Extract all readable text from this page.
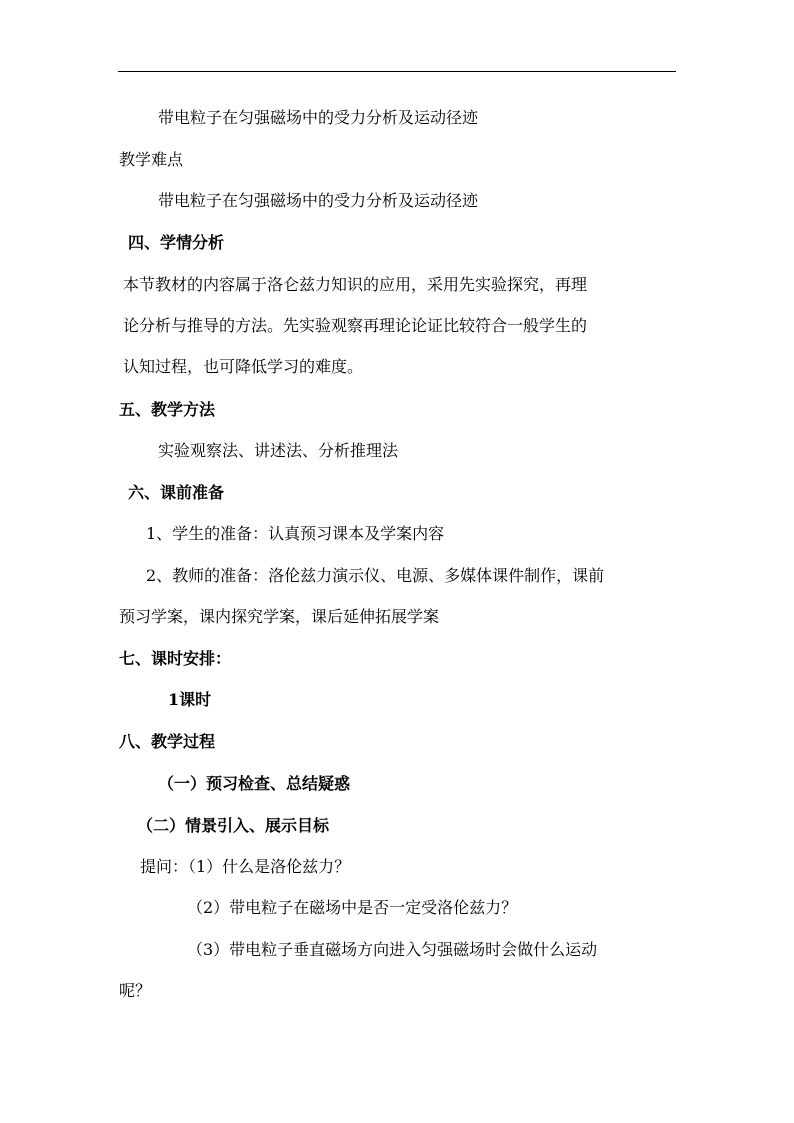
带电粒子在匀强磁场中的受力分析及运动径迹
教学难点
带电粒子在匀强磁场中的受力分析及运动径迹
四、学情分析
本节教材的内容属于洛仑兹力知识的应用，采用先实验探究，再理
论分析与推导的方法。先实验观察再理论论证比较符合一般学生的
认知过程，也可降低学习的难度。
五、教学方法
实验观察法、讲述法、分析推理法
六、课前准备
1、学生的准备：认真预习课本及学案内容
2、教师的准备：洛伦兹力演示仪、电源、多媒体课件制作，课前
预习学案，课内探究学案，课后延伸拓展学案
七、课时安排：
1课时
八、教学过程
（一）预习检查、总结疑惑
（二）情景引入、展示目标
提问：（1）什么是洛伦兹力？
（2）带电粒子在磁场中是否一定受洛伦兹力？
（3）带电粒子垂直磁场方向进入匀强磁场时会做什么运动
呢？
